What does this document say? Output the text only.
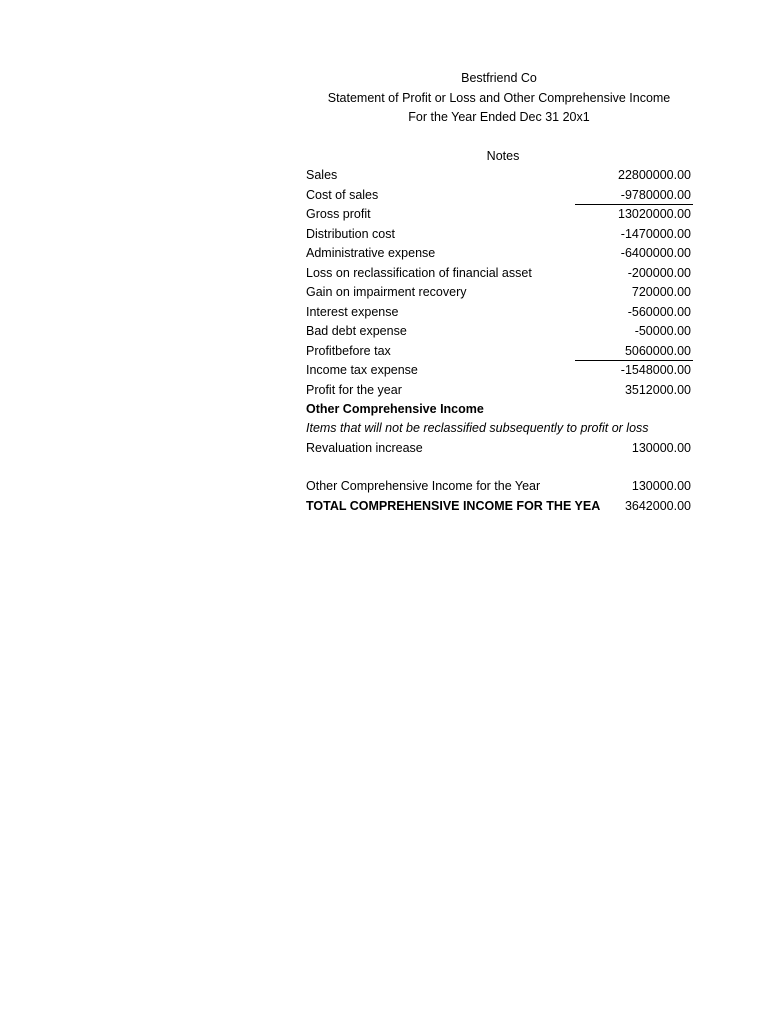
Bestfriend Co
Statement of Profit or Loss and Other Comprehensive Income
For the Year Ended Dec 31 20x1
Notes
Sales	22800000.00
Cost of sales	-9780000.00
Gross profit	13020000.00
Distribution cost	-1470000.00
Administrative expense	-6400000.00
Loss on reclassification of financial asset	-200000.00
Gain on impairment recovery	720000.00
Interest expense	-560000.00
Bad debt expense	-50000.00
Profitbefore tax	5060000.00
Income tax expense	-1548000.00
Profit for the year	3512000.00
Other Comprehensive Income
Items that will not be reclassified subsequently to profit or loss
Revaluation increase	130000.00
Other Comprehensive Income for the Year	130000.00
TOTAL COMPREHENSIVE INCOME FOR THE YEA 3642000.00
